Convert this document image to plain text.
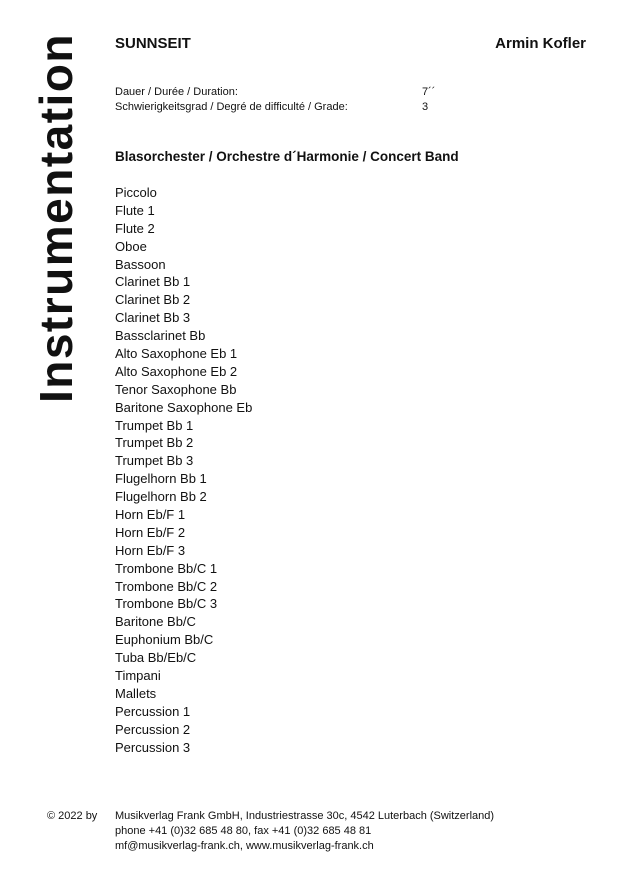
Instrumentation SUNNSEIT	Armin Kofler
Dauer / Durée / Duration:	7´´
Schwierigkeitsgrad / Degré de difficulté / Grade:	3
Blasorchester / Orchestre d´Harmonie / Concert Band
Piccolo
Flute 1
Flute 2
Oboe
Bassoon
Clarinet Bb 1
Clarinet Bb 2
Clarinet Bb 3
Bassclarinet Bb
Alto Saxophone Eb 1
Alto Saxophone Eb 2
Tenor Saxophone Bb
Baritone Saxophone Eb
Trumpet Bb 1
Trumpet Bb 2
Trumpet Bb 3
Flugelhorn Bb 1
Flugelhorn Bb 2
Horn Eb/F 1
Horn Eb/F 2
Horn Eb/F 3
Trombone Bb/C 1
Trombone Bb/C 2
Trombone Bb/C 3
Baritone Bb/C
Euphonium Bb/C
Tuba Bb/Eb/C
Timpani
Mallets
Percussion 1
Percussion 2
Percussion 3
© 2022 by	Musikverlag Frank GmbH, Industriestrasse 30c, 4542 Luterbach (Switzerland)
phone +41 (0)32 685 48 80, fax +41 (0)32 685 48 81
mf@musikverlag-frank.ch, www.musikverlag-frank.ch
